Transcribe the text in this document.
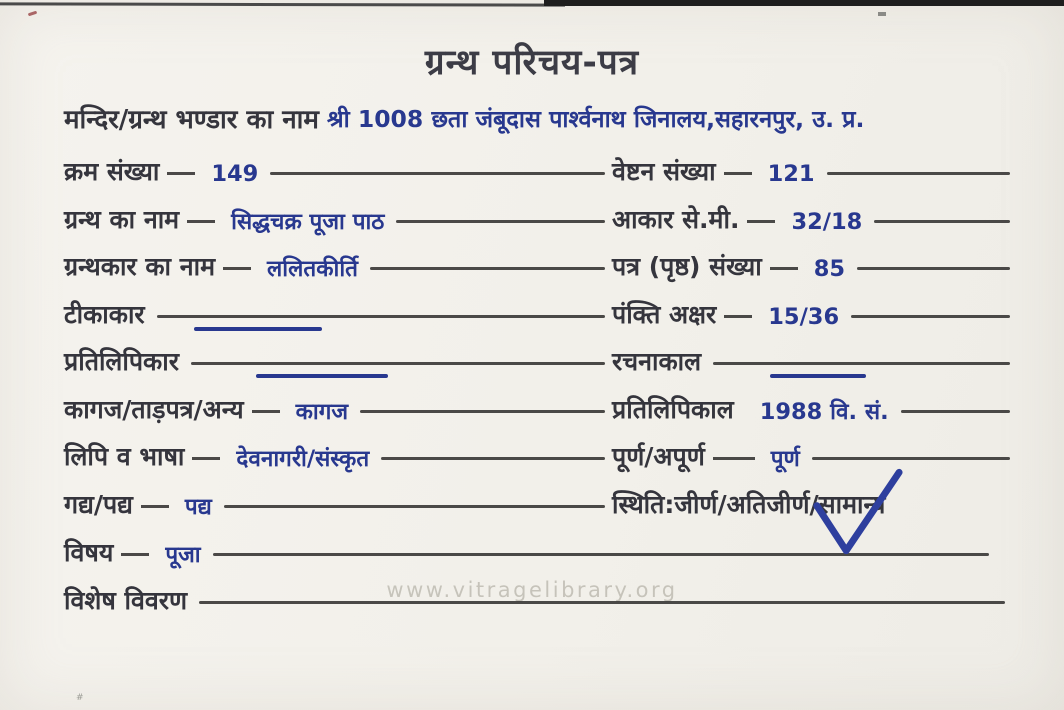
#
www.vitragelibrary.org
ग्रन्थ परिचय-पत्र
मन्दिर/ग्रन्थ भण्डार का नाम श्री 1008 छता जंबूदास पार्श्वनाथ जिनालय,सहारनपुर, उ. प्र.
क्रम संख्या 149
ग्रन्थ का नाम सिद्धचक्र पूजा पाठ
ग्रन्थकार का नाम ललितकीर्ति
टीकाकार
प्रतिलिपिकार
कागज/ताड़पत्र/अन्य कागज
लिपि व भाषा देवनागरी/संस्कृत
गद्य/पद्य पद्य
विषय पूजा
विशेष विवरण
वेष्टन संख्या 121
आकार से.मी. 32/18
पत्र (पृष्ठ) संख्या 85
पंक्ति अक्षर 15/36
रचनाकाल
प्रतिलिपिकाल 1988 वि. सं.
पूर्ण/अपूर्ण	पूर्ण
स्थिति:जीर्ण/अतिजीर्ण/ सामान्य
